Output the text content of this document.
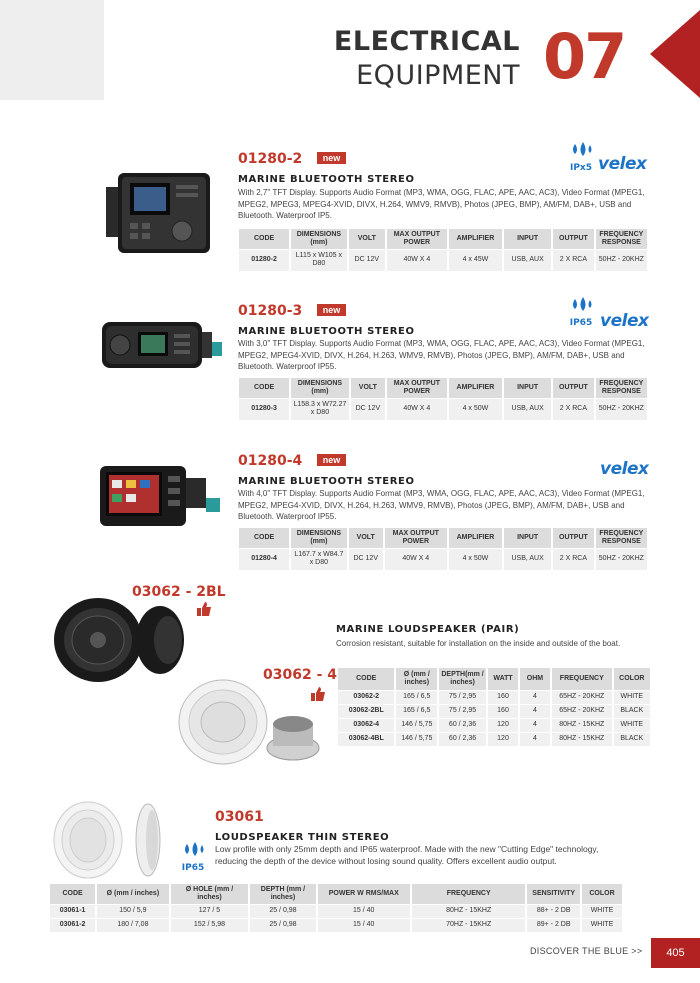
ELECTRICAL
EQUIPMENT 07
01280-2 new
MARINE BLUETOOTH STEREO
With 2,7'' TFT Display. Supports Audio Format (MP3, WMA, OGG, FLAC, APE, AAC, AC3), Video Format (MPEG1, MPEG2, MPEG3, MPEG4-XVID, DIVX, H.264, WMV9, RMVB), Photos (JPEG, BMP), AM/FM, DAB+, USB and Bluetooth. Waterproof IP5.
IPx5 velex
CODE	DIMENSIONS (mm)	VOLT	MAX OUTPUT POWER	AMPLIFIER	INPUT	OUTPUT	FREQUENCY RESPONSE
01280-2	L115 x W105 x D80	DC 12V	40W X 4	4 x 45W	USB, AUX	2 X RCA	50HZ - 20KHZ
01280-3 new
MARINE BLUETOOTH STEREO
With 3,0'' TFT Display. Supports Audio Format (MP3, WMA, OGG, FLAC, APE, AAC, AC3), Video Format (MPEG1, MPEG2, MPEG4-XVID, DIVX, H.264, H.263, WMV9, RMVB), Photos (JPEG, BMP), AM/FM, DAB+, USB and Bluetooth. Waterproof IP55.
IP65 velex
CODE	DIMENSIONS (mm)	VOLT	MAX OUTPUT POWER	AMPLIFIER	INPUT	OUTPUT	FREQUENCY RESPONSE
01280-3	L158.3 x W72.27 x D80	DC 12V	40W X 4	4 x 50W	USB, AUX	2 X RCA	50HZ - 20KHZ
01280-4 new
MARINE BLUETOOTH STEREO
With 4,0'' TFT Display. Supports Audio Format (MP3, WMA, OGG, FLAC, APE, AAC, AC3), Video Format (MPEG1, MPEG2, MPEG4-XVID, DIVX, H.264, H.263, WMV9, RMVB), Photos (JPEG, BMP), AM/FM, DAB+, USB and Bluetooth. Waterproof IP55.
velex
CODE	DIMENSIONS (mm)	VOLT	MAX OUTPUT POWER	AMPLIFIER	INPUT	OUTPUT	FREQUENCY RESPONSE
01280-4	L167.7 x W84.7 x D80	DC 12V	40W X 4	4 x 50W	USB, AUX	2 X RCA	50HZ - 20KHZ
03062 - 2BL
03062 - 4
MARINE LOUDSPEAKER (PAIR)
Corrosion resistant, suitable for installation on the inside and outside of the boat.
CODE	Ø (mm / inches)	DEPTH(mm / inches)	WATT	OHM	FREQUENCY	COLOR
03062-2	165 / 6,5	75 / 2,95	160	4	65HZ - 20KHZ	WHITE
03062-2BL	165 / 6,5	75 / 2,95	160	4	65HZ - 20KHZ	BLACK
03062-4	146 / 5,75	60 / 2,36	120	4	80HZ - 15KHZ	WHITE
03062-4BL	146 / 5,75	60 / 2,36	120	4	80HZ - 15KHZ	BLACK
IP65
03061
LOUDSPEAKER THIN STEREO
Low profile with only 25mm depth and IP65 waterproof. Made with the new "Cutting Edge" technology, reducing the depth of the device without losing sound quality. Offers excellent audio output.
CODE	Ø (mm / inches)	Ø HOLE (mm / inches)	DEPTH (mm / inches)	POWER W RMS/MAX	FREQUENCY	SENSITIVITY	COLOR
03061-1	150 / 5,9	127 / 5	25 / 0,98	15 / 40	80HZ - 15KHZ	88+ - 2 DB	WHITE
03061-2	180 / 7,08	152 / 5,98	25 / 0,98	15 / 40	70HZ - 15KHZ	89+ - 2 DB	WHITE
DISCOVER THE BLUE >>	405
